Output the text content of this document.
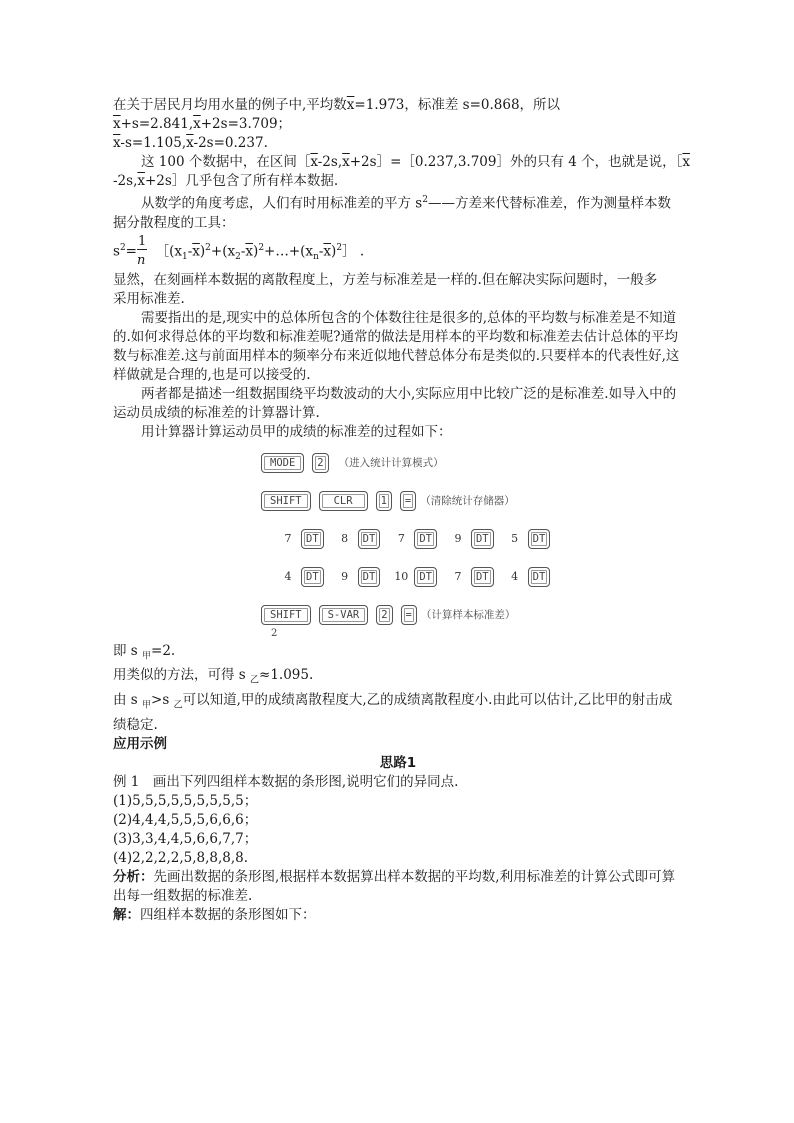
在关于居民月均用水量的例子中,平均数$\overline{x}=1.973$，标准差 s=0.868，所以

$\overline{x}+s=2.841,\overline{x}+2s=3.709$；

$\overline{x}-s=1.105,\overline{x}-2s=0.237$.

这 100 个数据中，在区间$[\overline{x}-2s,\overline{x}+2s]=[0.237,3.709]$外的只有 4 个，也就是说，$[\overline{x}$

$-2s,\overline{x}+2s]$几乎包含了所有样本数据.

从数学的角度考虑，人们有时用标准差的平方 $s^2——$方差来代替标准差，作为测量样本数

据分散程度的工具：

$s^2= \frac{1}{n}$ $[(x_1-\overline{x})^2+(x_2-\overline{x})^2+\dots+(x_n-\overline{x})^2]$ .

显然，在刻画样本数据的离散程度上，方差与标准差是一样的.但在解决实际问题时，一般多

采用标准差.

需要指出的是,现实中的总体所包含的个体数往往是很多的,总体的平均数与标准差是不知道的.如何求得总体的平均数和标准差呢?通常的做法是用样本的平均数和标准差去估计总体的平均数与标准差.这与前面用样本的频率分布来近似地代替总体分布是类似的.只要样本的代表性好,这样做就是合理的,也是可以接受的.

两者都是描述一组数据围绕平均数波动的大小,实际应用中比较广泛的是标准差.如导入中的运动员成绩的标准差的计算器计算.

用计算器计算运动员甲的成绩的标准差的过程如下：

MODE	2	（进入统计计算模式）
SHIFT	CLR	1	= （清除统计存储器）
7	DT	8	DT	7	DT	9	DT	5	DT
4	DT	9	DT	10	DT	7	DT	4	DT
SHIFT	S-VAR	2	= （计算样本标准差）
2

即 s $_甲$=2.

用类似的方法，可得 s $_乙$≈1.095.

由 s $_甲$>s $_乙$可以知道,甲的成绩离散程度大,乙的成绩离散程度小.由此可以估计,乙比甲的射击成

绩稳定.

应用示例

思路1

例 1　画出下列四组样本数据的条形图,说明它们的异同点.

(1)5,5,5,5,5,5,5,5,5；

(2)4,4,4,5,5,5,6,6,6；

(3)3,3,4,4,5,6,6,7,7；

(4)2,2,2,2,5,8,8,8,8.

分析：先画出数据的条形图,根据样本数据算出样本数据的平均数,利用标准差的计算公式即可算出每一组数据的标准差.

解：四组样本数据的条形图如下：
